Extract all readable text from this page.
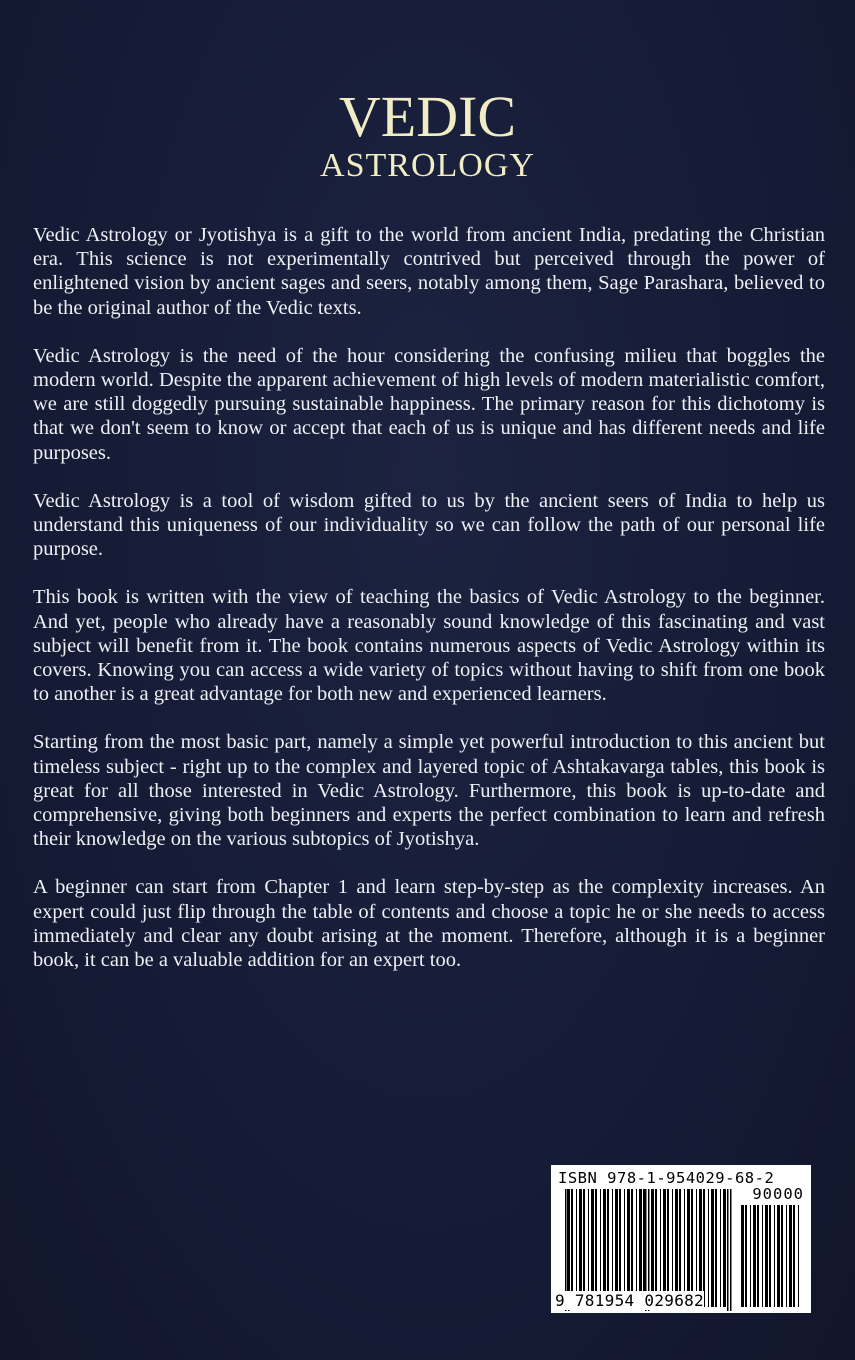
VEDIC
ASTROLOGY

Vedic Astrology or Jyotishya is a gift to the world from ancient India, predating the Christian era. This science is not experimentally contrived but perceived through the power of enlightened vision by ancient sages and seers, notably among them, Sage Parashara, believed to be the original author of the Vedic texts.

Vedic Astrology is the need of the hour considering the confusing milieu that boggles the modern world. Despite the apparent achievement of high levels of modern materialistic comfort, we are still doggedly pursuing sustainable happiness. The primary reason for this dichotomy is that we don't seem to know or accept that each of us is unique and has different needs and life purposes.

Vedic Astrology is a tool of wisdom gifted to us by the ancient seers of India to help us understand this uniqueness of our individuality so we can follow the path of our personal life purpose.

This book is written with the view of teaching the basics of Vedic Astrology to the beginner. And yet, people who already have a reasonably sound knowledge of this fascinating and vast subject will benefit from it. The book contains numerous aspects of Vedic Astrology within its covers. Knowing you can access a wide variety of topics without having to shift from one book to another is a great advantage for both new and experienced learners.

Starting from the most basic part, namely a simple yet powerful introduction to this ancient but timeless subject - right up to the complex and layered topic of Ashtakavarga tables, this book is great for all those interested in Vedic Astrology. Furthermore, this book is up-to-date and comprehensive, giving both beginners and experts the perfect combination to learn and refresh their knowledge on the various subtopics of Jyotishya.

A beginner can start from Chapter 1 and learn step-by-step as the complexity increases. An expert could just flip through the table of contents and choose a topic he or she needs to access immediately and clear any doubt arising at the moment. Therefore, although it is a beginner book, it can be a valuable addition for an expert too.

ISBN 978-1-954029-68-2
90000
9 781954 029682
